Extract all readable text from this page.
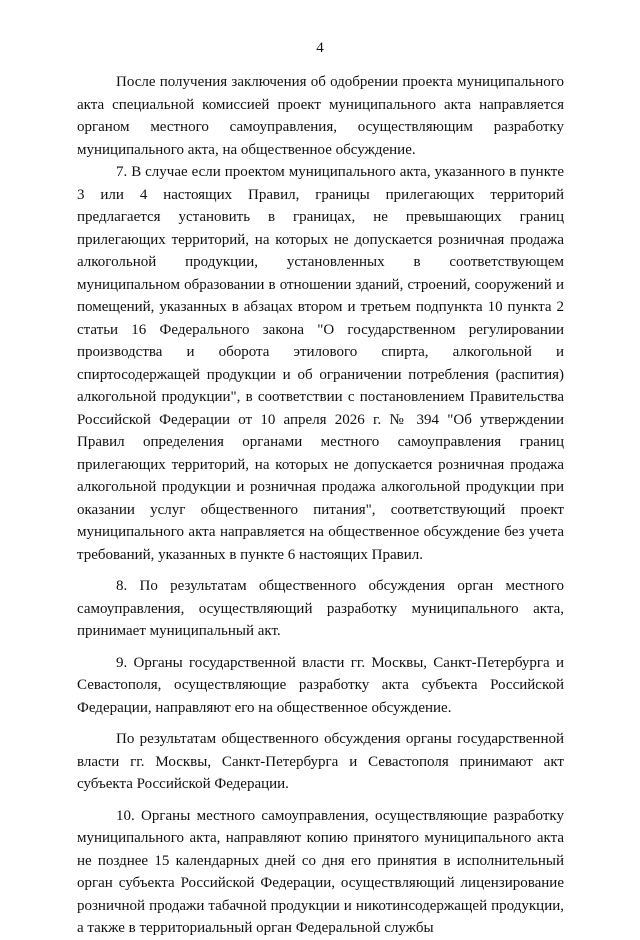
4

После получения заключения об одобрении проекта муниципального акта специальной комиссией проект муниципального акта направляется органом местного самоуправления, осуществляющим разработку муниципального акта, на общественное обсуждение.

7. В случае если проектом муниципального акта, указанного в пункте 3 или 4 настоящих Правил, границы прилегающих территорий предлагается установить в границах, не превышающих границ прилегающих территорий, на которых не допускается розничная продажа алкогольной продукции, установленных в соответствующем муниципальном образовании в отношении зданий, строений, сооружений и помещений, указанных в абзацах втором и третьем подпункта 10 пункта 2 статьи 16 Федерального закона "О государственном регулировании производства и оборота этилового спирта, алкогольной и спиртосодержащей продукции и об ограничении потребления (распития) алкогольной продукции", в соответствии с постановлением Правительства Российской Федерации от 10 апреля 2026 г. № 394 "Об утверждении Правил определения органами местного самоуправления границ прилегающих территорий, на которых не допускается розничная продажа алкогольной продукции и розничная продажа алкогольной продукции при оказании услуг общественного питания", соответствующий проект муниципального акта направляется на общественное обсуждение без учета требований, указанных в пункте 6 настоящих Правил.

8. По результатам общественного обсуждения орган местного самоуправления, осуществляющий разработку муниципального акта, принимает муниципальный акт.

9. Органы государственной власти гг. Москвы, Санкт-Петербурга и Севастополя, осуществляющие разработку акта субъекта Российской Федерации, направляют его на общественное обсуждение.

По результатам общественного обсуждения органы государственной власти гг. Москвы, Санкт-Петербурга и Севастополя принимают акт субъекта Российской Федерации.

10. Органы местного самоуправления, осуществляющие разработку муниципального акта, направляют копию принятого муниципального акта не позднее 15 календарных дней со дня его принятия в исполнительный орган субъекта Российской Федерации, осуществляющий лицензирование розничной продажи табачной продукции и никотинсодержащей продукции, а также в территориальный орган Федеральной службы
